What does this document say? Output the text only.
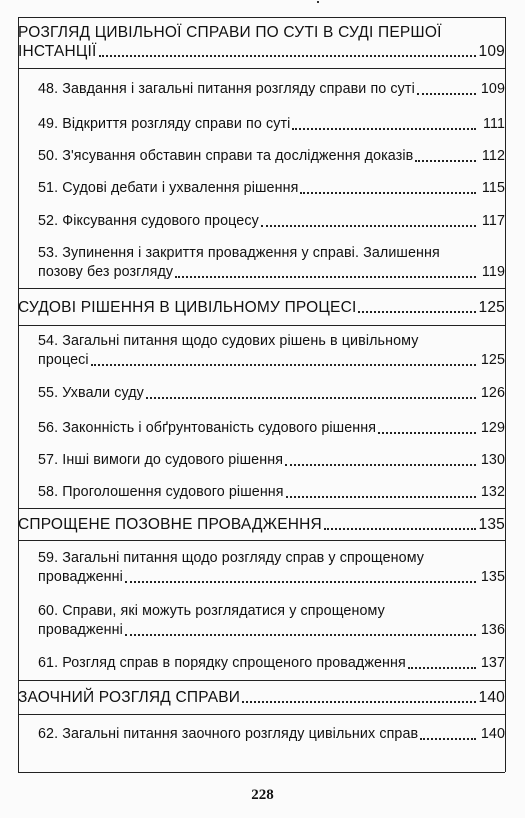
РОЗГЛЯД ЦИВІЛЬНОЇ СПРАВИ ПО СУТІ В СУДІ ПЕРШОЇ
ІНСТАНЦІЇ	109
48. Завдання і загальні питання розгляду справи по суті	109
49. Відкриття розгляду справи по суті	111
50. З'ясування обставин справи та дослідження доказів	112
51. Судові дебати і ухвалення рішення	115
52. Фіксування судового процесу	117
53. Зупинення і закриття провадження у справі. Залишення
позову без розгляду	119
СУДОВІ РІШЕННЯ В ЦИВІЛЬНОМУ ПРОЦЕСІ	125
54. Загальні питання щодо судових рішень в цивільному
процесі	125
55. Ухвали суду	126
56. Законність і обґрунтованість судового рішення	129
57. Інші вимоги до судового рішення	130
58. Проголошення судового рішення	132
СПРОЩЕНЕ ПОЗОВНЕ ПРОВАДЖЕННЯ	135
59. Загальні питання щодо розгляду справ у спрощеному
провадженні	135
60. Справи, які можуть розглядатися у спрощеному
провадженні	136
61. Розгляд справ в порядку спрощеного провадження	137
ЗАОЧНИЙ РОЗГЛЯД СПРАВИ	140
62. Загальні питання заочного розгляду цивільних справ	140
228
